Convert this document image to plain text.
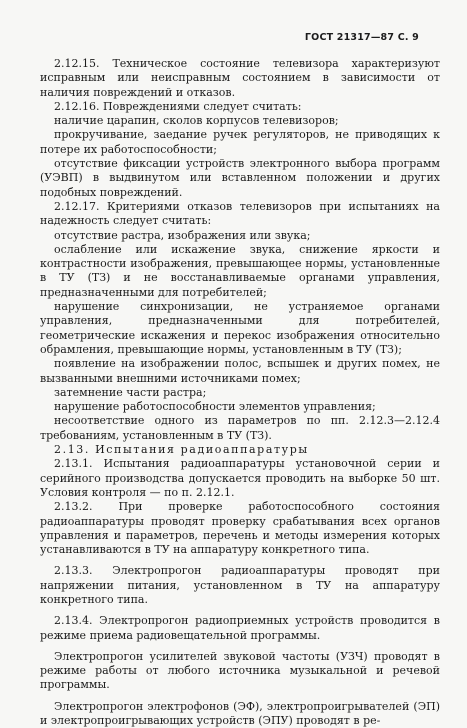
ГОСТ 21317—87 С. 9

2.12.15. Техническое состояние телевизора характеризуют исправным или неисправным состоянием в зависимости от наличия повреждений и отказов.

2.12.16. Повреждениями следует считать:

наличие царапин, сколов корпусов телевизоров;

прокручивание, заедание ручек регуляторов, не приводящих к потере их работоспособности;

отсутствие фиксации устройств электронного выбора программ (УЭВП) в выдвинутом или вставленном положении и других подобных повреждений.

2.12.17. Критериями отказов телевизоров при испытаниях на надежность следует считать:

отсутствие растра, изображения или звука;

ослабление или искажение звука, снижение яркости и контрастности изображения, превышающее нормы, установленные в ТУ (ТЗ) и не восстанавливаемые органами управления, предназначенными для потребителей;

нарушение синхронизации, не устраняемое органами управления, предназначенными для потребителей, геометрические искажения и перекос изображения относительно обрамления, превышающие нормы, установленным в ТУ (ТЗ);

появление на изображении полос, вспышек и других помех, не вызванными внешними источниками помех;

затемнение части растра;

нарушение работоспособности элементов управления;

несоответствие одного из параметров по пп. 2.12.3—2.12.4 требованиям, установленным в ТУ (ТЗ).

2.13. Испытания радиоаппаратуры

2.13.1. Испытания радиоаппаратуры установочной серии и серийного производства допускается проводить на выборке 50 шт. Условия контроля — по п. 2.12.1.

2.13.2. При проверке работоспособного состояния радиоаппаратуры проводят проверку срабатывания всех органов управления и параметров, перечень и методы измерения которых устанавливаются в ТУ на аппаратуру конкретного типа.

2.13.3. Электропрогон радиоаппаратуры проводят при напряжении питания, установленном в ТУ на аппаратуру конкретного типа.

2.13.4. Электропрогон радиоприемных устройств проводится в режиме приема радиовещательной программы.

Электропрогон усилителей звуковой частоты (УЗЧ) проводят в режиме работы от любого источника музыкальной и речевой программы.

Электропрогон электрофонов (ЭФ), электропроигрывателей (ЭП) и электропроигрывающих устройств (ЭПУ) проводят в ре-
